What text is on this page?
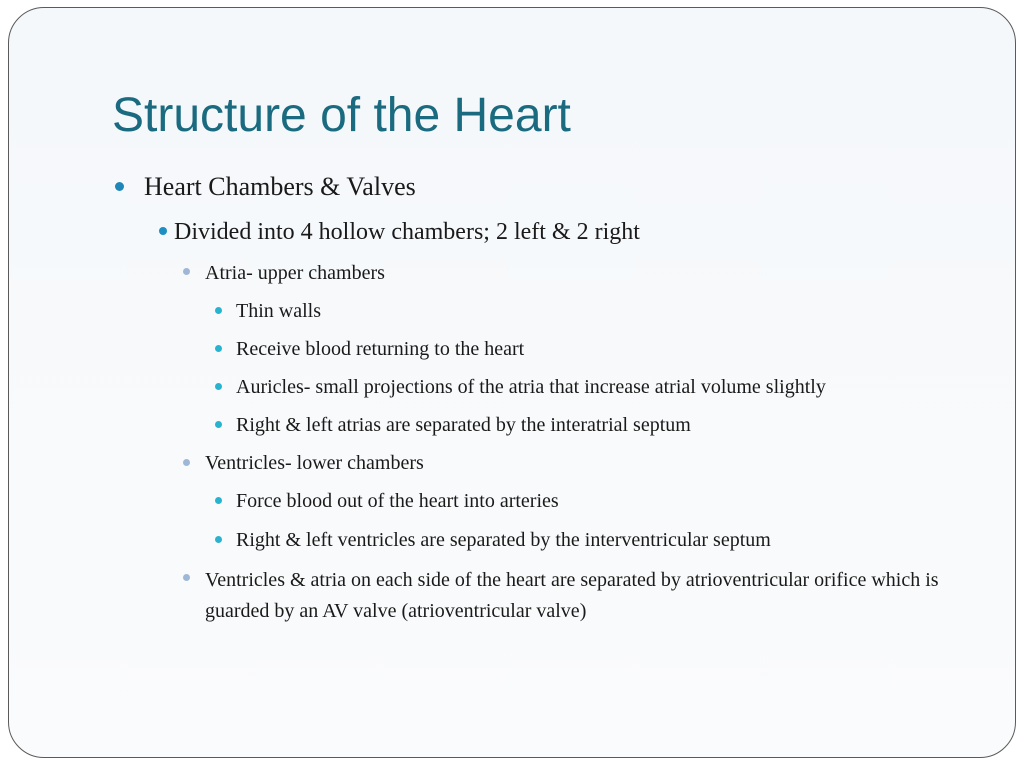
Structure of the Heart
Heart Chambers & Valves
Divided into 4 hollow chambers; 2 left & 2 right
Atria- upper chambers
Thin walls
Receive blood returning to the heart
Auricles- small projections of the atria that increase atrial volume slightly
Right & left atrias are separated by the interatrial septum
Ventricles- lower chambers
Force blood out of the heart into arteries
Right & left ventricles are separated by the interventricular septum
Ventricles & atria on each side of the heart are separated by atrioventricular orifice which is guarded by an AV valve (atrioventricular valve)
